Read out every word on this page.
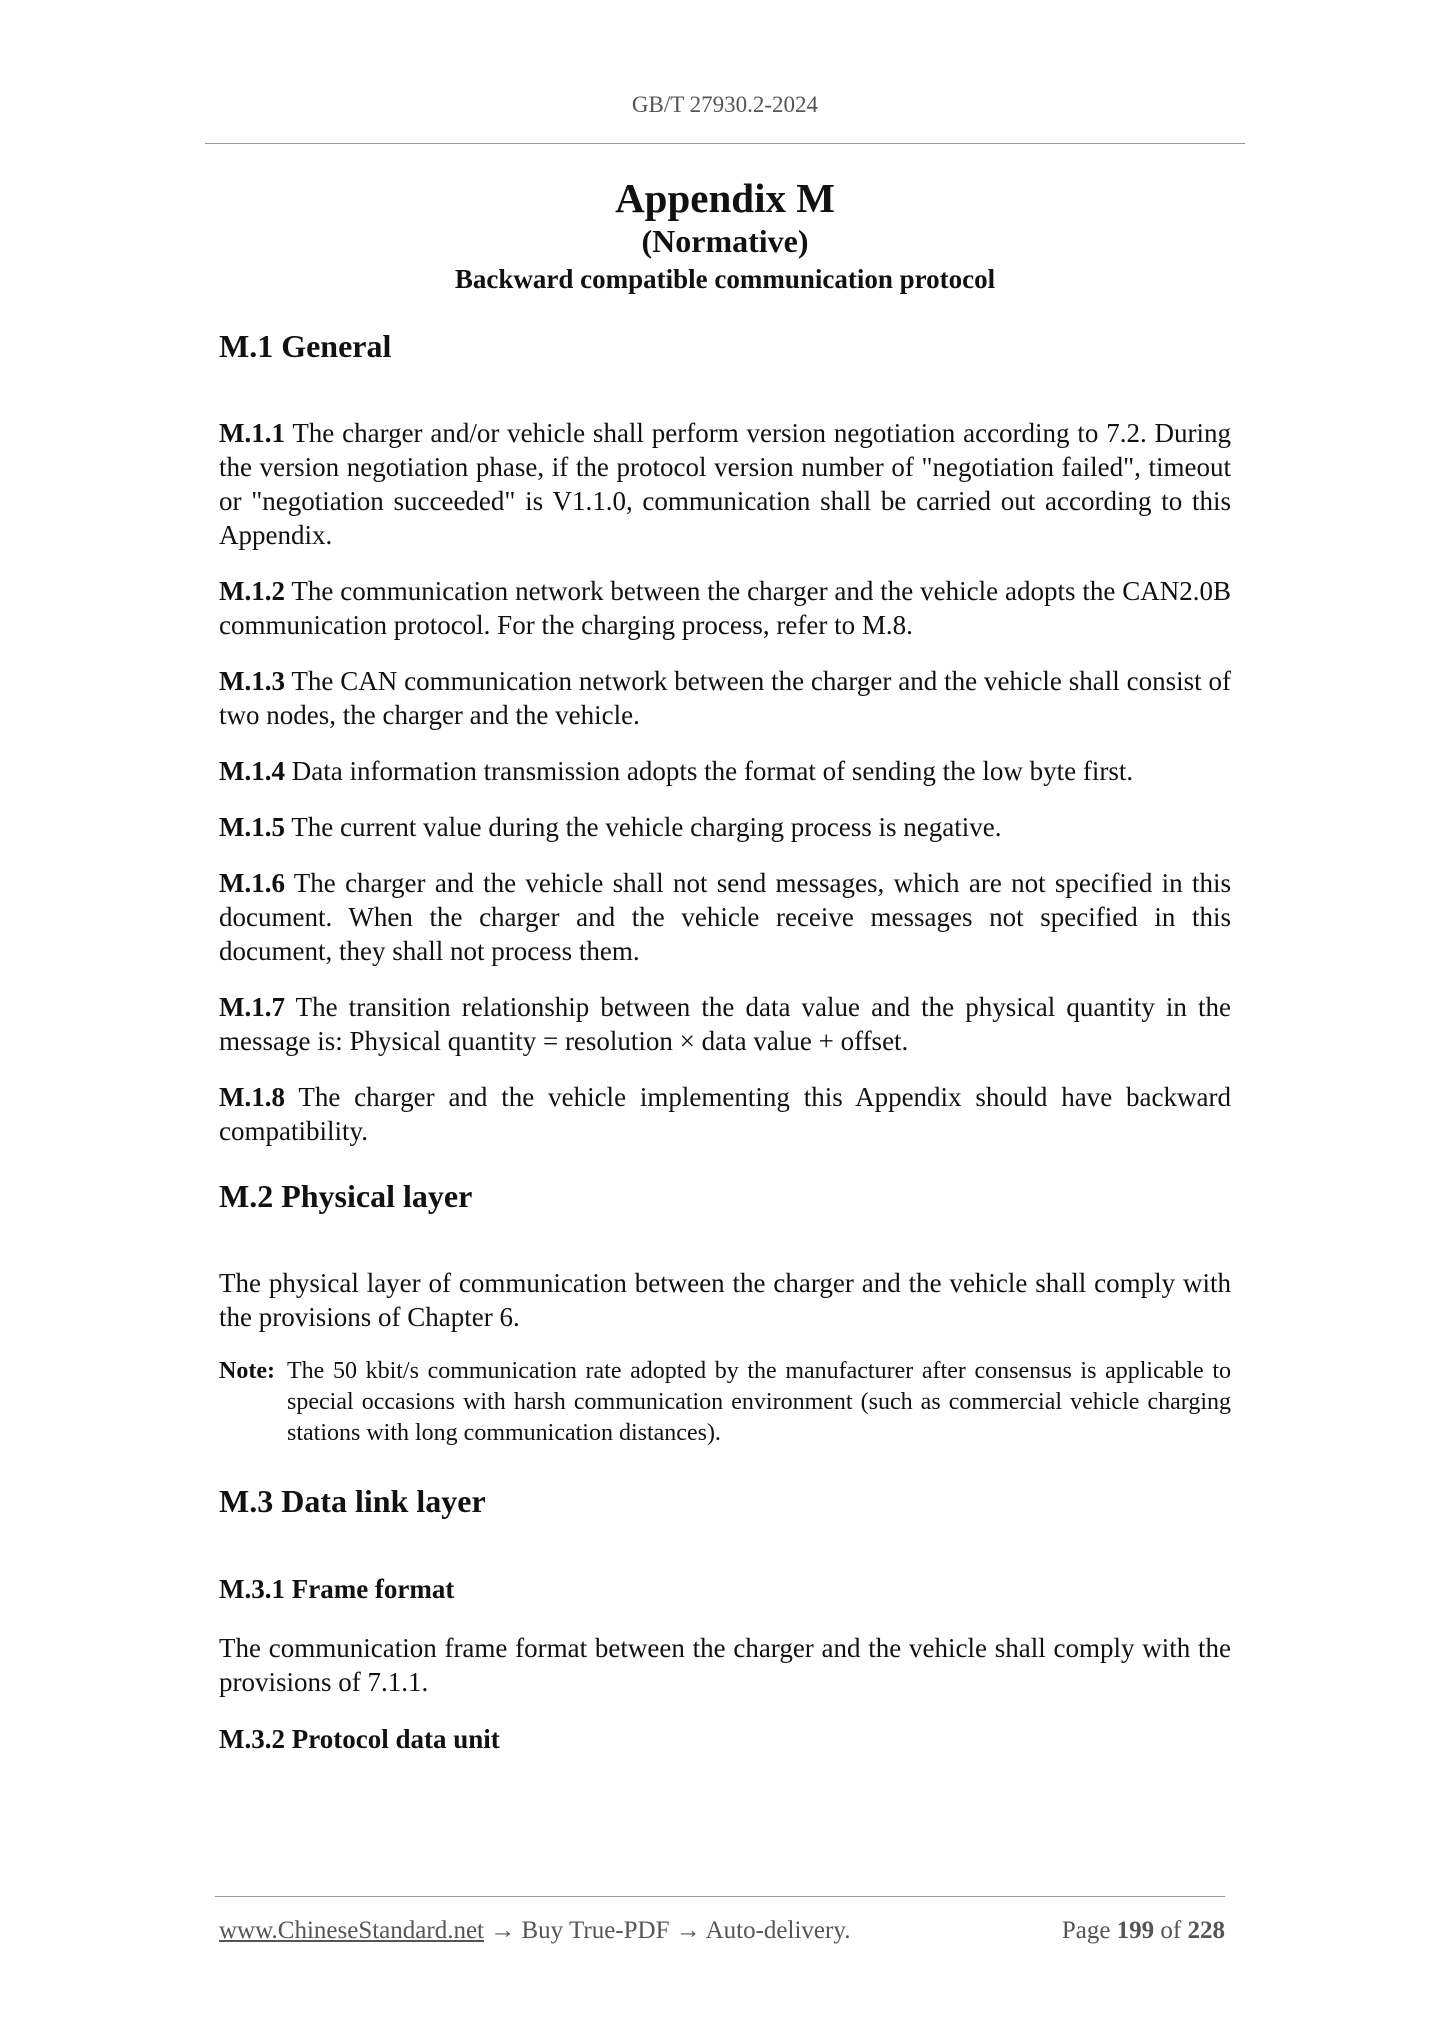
GB/T 27930.2-2024
Appendix M
(Normative)
Backward compatible communication protocol
M.1 General

M.1.1 The charger and/or vehicle shall perform version negotiation according to 7.2. During the version negotiation phase, if the protocol version number of "negotiation failed", timeout or "negotiation succeeded" is V1.1.0, communication shall be carried out according to this Appendix.

M.1.2 The communication network between the charger and the vehicle adopts the CAN2.0B communication protocol. For the charging process, refer to M.8.

M.1.3 The CAN communication network between the charger and the vehicle shall consist of two nodes, the charger and the vehicle.

M.1.4 Data information transmission adopts the format of sending the low byte first.

M.1.5 The current value during the vehicle charging process is negative.

M.1.6 The charger and the vehicle shall not send messages, which are not specified in this document. When the charger and the vehicle receive messages not specified in this document, they shall not process them.

M.1.7 The transition relationship between the data value and the physical quantity in the message is: Physical quantity = resolution × data value + offset.

M.1.8 The charger and the vehicle implementing this Appendix should have backward compatibility.

M.2 Physical layer

The physical layer of communication between the charger and the vehicle shall comply with the provisions of Chapter 6.

Note: The 50 kbit/s communication rate adopted by the manufacturer after consensus is applicable to special occasions with harsh communication environment (such as commercial vehicle charging stations with long communication distances).
M.3 Data link layer
M.3.1 Frame format

The communication frame format between the charger and the vehicle shall comply with the provisions of 7.1.1.

M.3.2 Protocol data unit
www.ChineseStandard.net → Buy True-PDF → Auto-delivery.	Page 199 of 228
